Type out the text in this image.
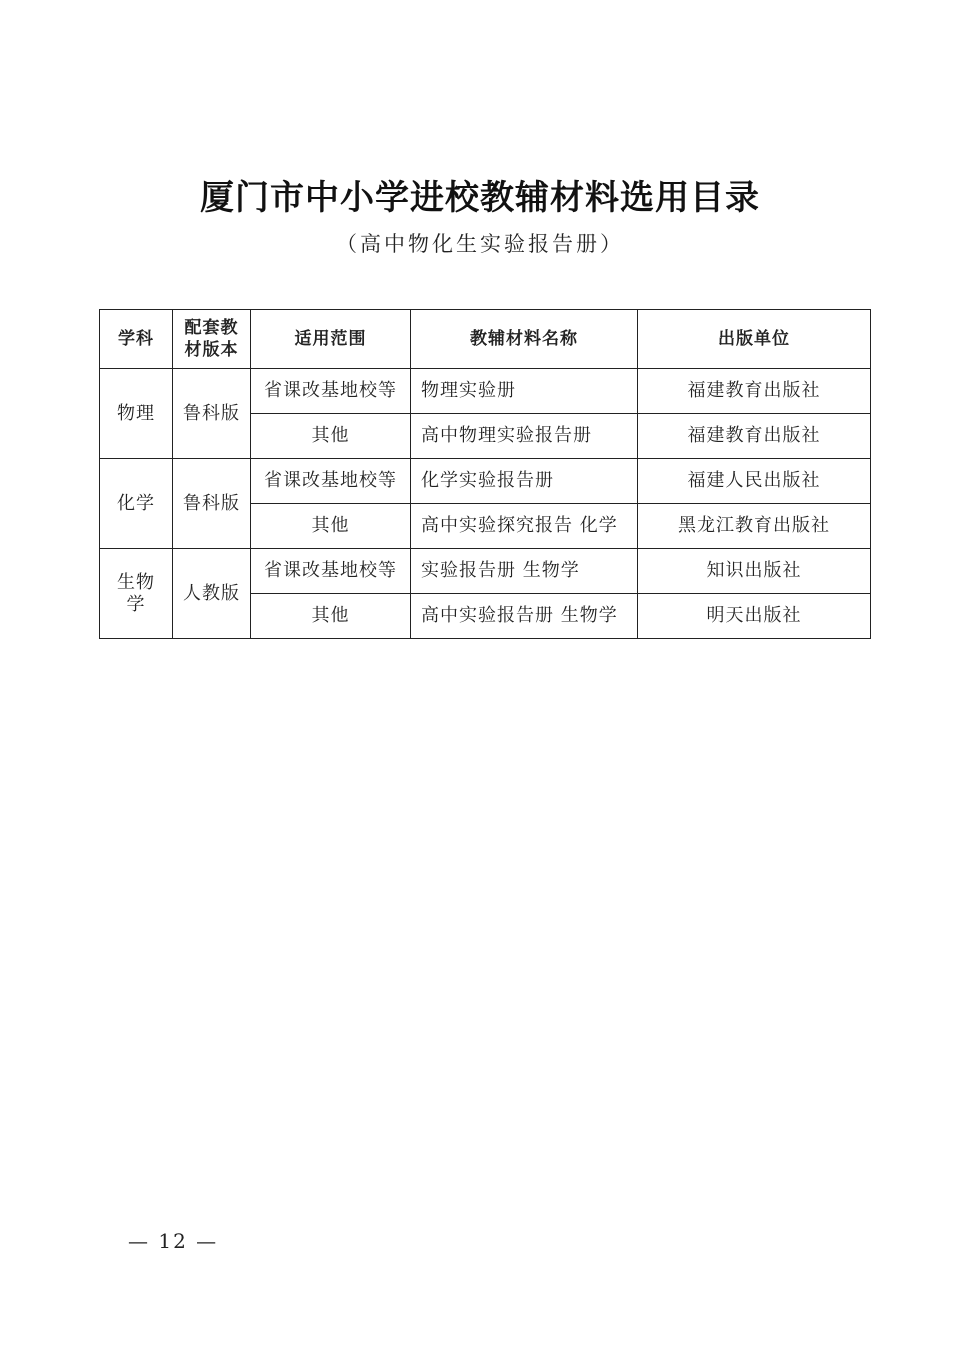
厦门市中小学进校教辅材料选用目录
（高中物化生实验报告册）
学科	配套教材版本	适用范围	教辅材料名称	出版单位
物理	鲁科版	省课改基地校等	物理实验册	福建教育出版社
		其他	高中物理实验报告册	福建教育出版社
化学	鲁科版	省课改基地校等	化学实验报告册	福建人民出版社
		其他	高中实验探究报告 化学	黑龙江教育出版社
生物学	人教版	省课改基地校等	实验报告册 生物学	知识出版社
		其他	高中实验报告册 生物学	明天出版社
— 12 —
